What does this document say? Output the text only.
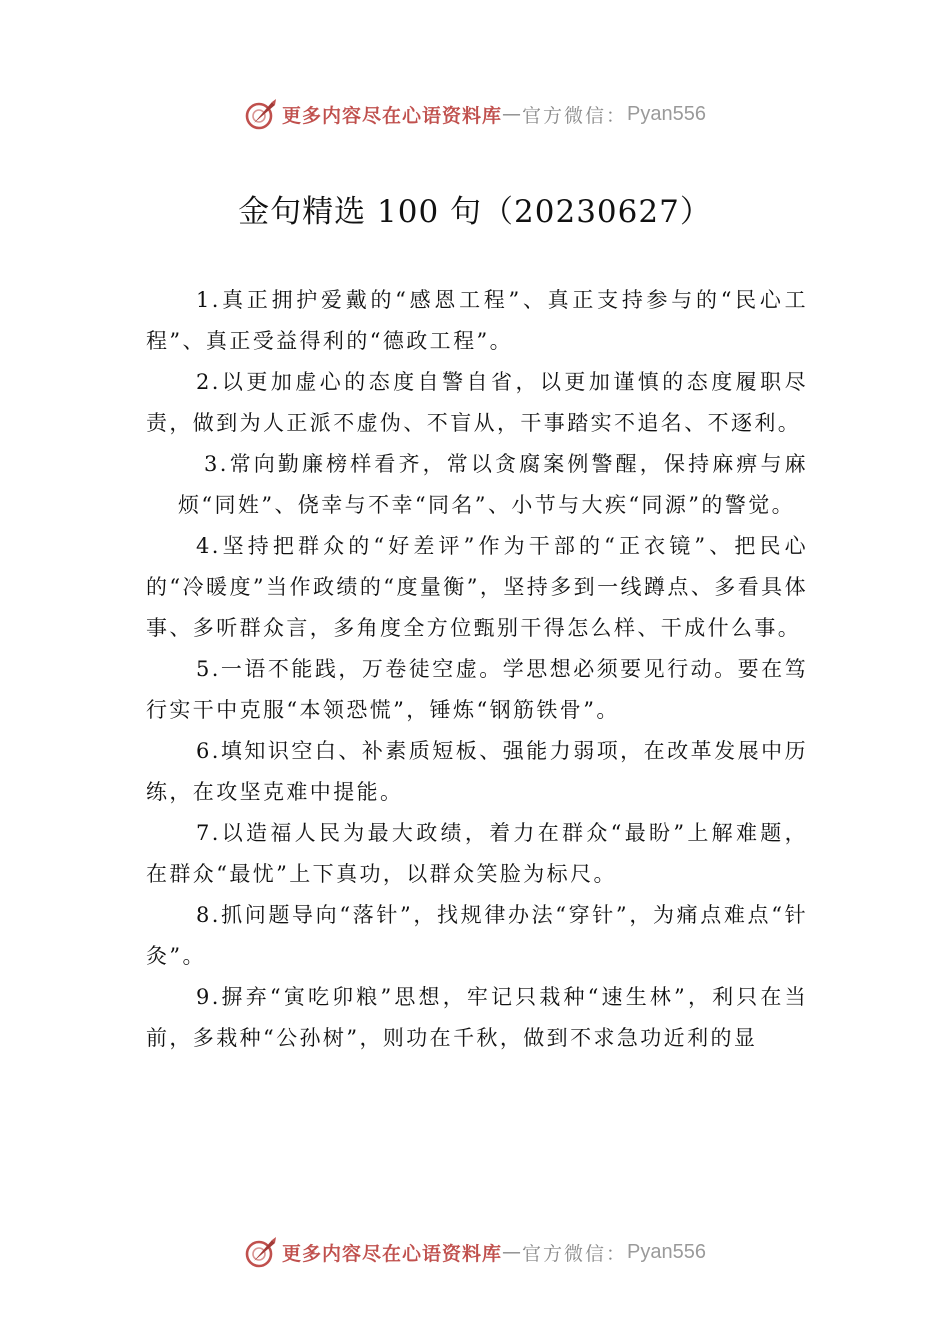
更多内容尽在心语资料库 — 官方微信： Pyan556
金句精选 100 句（20230627）

1.真正拥护爱戴的“感恩工程”、真正支持参与的“民心工程”、真正受益得利的“德政工程”。

2.以更加虚心的态度自警自省，以更加谨慎的态度履职尽责，做到为人正派不虚伪、不盲从，干事踏实不追名、不逐利。

3.常向勤廉榜样看齐，常以贪腐案例警醒，保持麻痹与麻烦“同姓”、侥幸与不幸“同名”、小节与大疾“同源”的警觉。

4.坚持把群众的“好差评”作为干部的“正衣镜”、把民心的“冷暖度”当作政绩的“度量衡”，坚持多到一线蹲点、多看具体事、多听群众言，多角度全方位甄别干得怎么样、干成什么事。

5.一语不能践，万卷徒空虚。学思想必须要见行动。要在笃行实干中克服“本领恐慌”，锤炼“钢筋铁骨”。

6.填知识空白、补素质短板、强能力弱项，在改革发展中历练，在攻坚克难中提能。

7.以造福人民为最大政绩，着力在群众“最盼”上解难题，在群众“最忧”上下真功，以群众笑脸为标尺。

8.抓问题导向“落针”，找规律办法“穿针”，为痛点难点“针灸”。

9.摒弃“寅吃卯粮”思想，牢记只栽种“速生林”，利只在当前，多栽种“公孙树”，则功在千秋，做到不求急功近利的显

更多内容尽在心语资料库 — 官方微信： Pyan556
